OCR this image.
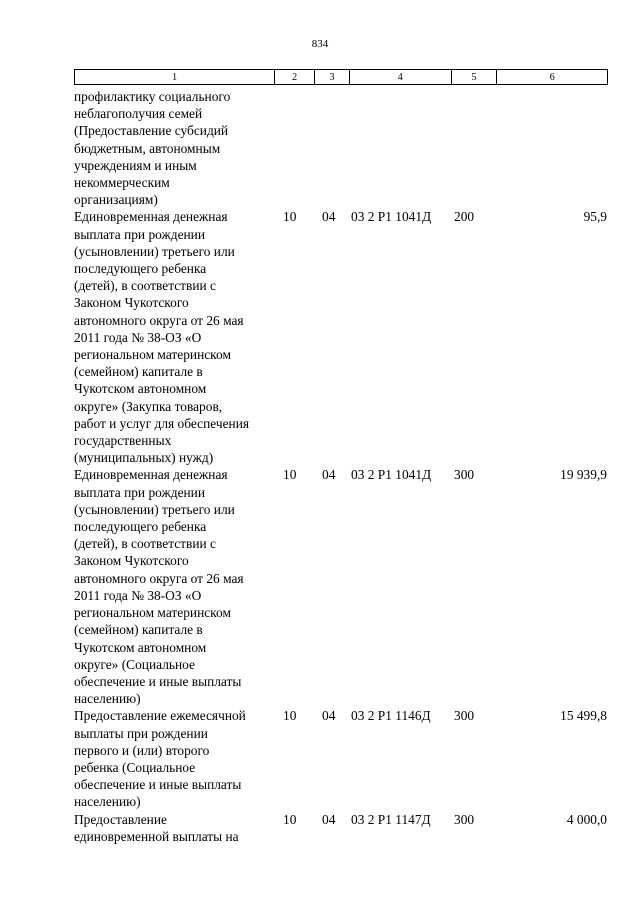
834
1	2	3	4	5	6
профилактику социального
неблагополучия семей
(Предоставление субсидий
бюджетным, автономным
учреждениям и иным
некоммерческим
организациям)
Единовременная денежная
выплата при рождении
(усыновлении) третьего или
последующего ребенка
(детей), в соответствии с
Законом Чукотского
автономного округа от 26 мая
2011 года № 38-ОЗ «О
региональном материнском
(семейном) капитале в
Чукотском автономном
округе» (Закупка товаров,
работ и услуг для обеспечения
государственных
(муниципальных) нужд)
10	04	03 2 Р1 1041Д	200	95,9
Единовременная денежная
выплата при рождении
(усыновлении) третьего или
последующего ребенка
(детей), в соответствии с
Законом Чукотского
автономного округа от 26 мая
2011 года № 38-ОЗ «О
региональном материнском
(семейном) капитале в
Чукотском автономном
округе» (Социальное
обеспечение и иные выплаты
населению)
10	04	03 2 Р1 1041Д	300	19 939,9
Предоставление ежемесячной
выплаты при рождении
первого и (или) второго
ребенка (Социальное
обеспечение и иные выплаты
населению)
10	04	03 2 Р1 1146Д	300	15 499,8
Предоставление
единовременной выплаты на
10	04	03 2 Р1 1147Д	300	4 000,0
